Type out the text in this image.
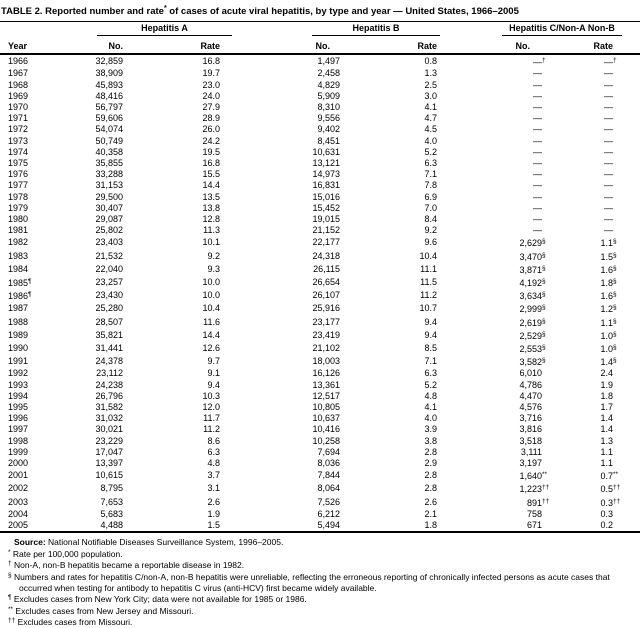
TABLE 2. Reported number and rate* of cases of acute viral hepatitis, by type and year — United States, 1966–2005

	Hepatitis A		Hepatitis B		Hepatitis C/Non-A Non-B		

Year	No.	Rate	No.	Rate	No.	Rate	
1966	32,859	16.8	1,497	0.8	—†	—†	
1967	38,909	19.7	2,458	1.3	—	—	
1968	45,893	23.0	4,829	2.5	—	—	
1969	48,416	24.0	5,909	3.0	—	—	
1970	56,797	27.9	8,310	4.1	—	—	
1971	59,606	28.9	9,556	4.7	—	—	
1972	54,074	26.0	9,402	4.5	—	—	
1973	50,749	24.2	8,451	4.0	—	—	
1974	40,358	19.5	10,631	5.2	—	—	
1975	35,855	16.8	13,121	6.3	—	—	
1976	33,288	15.5	14,973	7.1	—	—	
1977	31,153	14.4	16,831	7.8	—	—	
1978	29,500	13.5	15,016	6.9	—	—	
1979	30,407	13.8	15,452	7.0	—	—	
1980	29,087	12.8	19,015	8.4	—	—	
1981	25,802	11.3	21,152	9.2	—	—	
1982	23,403	10.1	22,177	9.6	2,629§	1.1§	
1983	21,532	9.2	24,318	10.4	3,470§	1.5§	
1984	22,040	9.3	26,115	11.1	3,871§	1.6§	
1985¶	23,257	10.0	26,654	11.5	4,192§	1.8§	
1986¶	23,430	10.0	26,107	11.2	3,634§	1.6§	
1987	25,280	10.4	25,916	10.7	2,999§	1.2§	
1988	28,507	11.6	23,177	9.4	2,619§	1.1§	
1989	35,821	14.4	23,419	9.4	2,529§	1.0§	
1990	31,441	12.6	21,102	8.5	2,553§	1.0§	
1991	24,378	9.7	18,003	7.1	3,582§	1.4§	
1992	23,112	9.1	16,126	6.3	6,010	2.4	
1993	24,238	9.4	13,361	5.2	4,786	1.9	
1994	26,796	10.3	12,517	4.8	4,470	1.8	
1995	31,582	12.0	10,805	4.1	4,576	1.7	
1996	31,032	11.7	10,637	4.0	3,716	1.4	
1997	30,021	11.2	10,416	3.9	3,816	1.4	
1998	23,229	8.6	10,258	3.8	3,518	1.3	
1999	17,047	6.3	7,694	2.8	3,111	1.1	
2000	13,397	4.8	8,036	2.9	3,197	1.1	
2001	10,615	3.7	7,844	2.8	1,640**	0.7**	
2002	8,795	3.1	8,064	2.8	1,223††	0.5††	
2003	7,653	2.6	7,526	2.6	891††	0.3††	
2004	5,683	1.9	6,212	2.1	758	0.3	
2005	4,488	1.5	5,494	1.8	671	0.2	
Source: National Notifiable Diseases Surveillance System, 1996–2005.
* Rate per 100,000 population.
† Non-A, non-B hepatitis became a reportable disease in 1982.
§ Numbers and rates for hepatitis C/non-A, non-B hepatitis were unreliable, reflecting the erroneous reporting of chronically infected persons as acute cases that occurred when testing for antibody to hepatitis C virus (anti-HCV) first became widely available.
¶ Excludes cases from New York City; data were not available for 1985 or 1986.
** Excludes cases from New Jersey and Missouri.
†† Excludes cases from Missouri.
